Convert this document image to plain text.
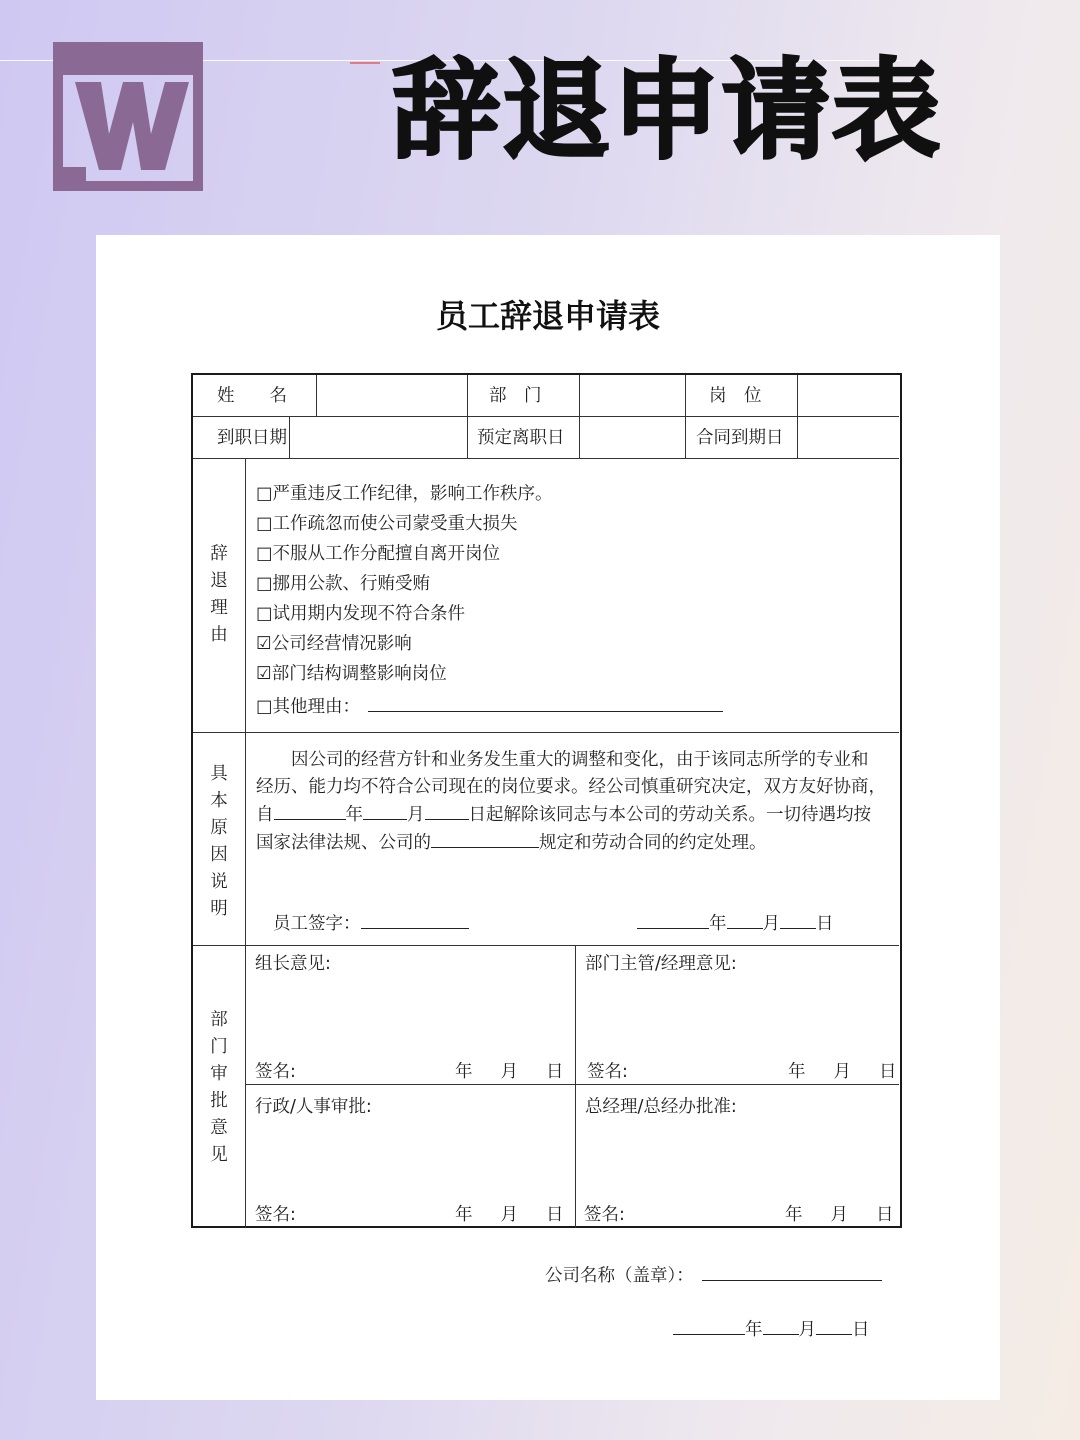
辞退申请表
员工辞退申请表
姓　　名	部　门	岗　位
到职日期	预定离职日	合同到期日
辞
退
理
由
□严重违反工作纪律，影响工作秩序。
□工作疏忽而使公司蒙受重大损失
□不服从工作分配擅自离开岗位
□挪用公款、行贿受贿
□试用期内发现不符合条件
☑公司经营情况影响
☑部门结构调整影响岗位
□其他理由：
具
本
原
因
说
明
　　因公司的经营方针和业务发生重大的调整和变化，由于该同志所学的专业和
经历、能力均不符合公司现在的岗位要求。经公司慎重研究决定，双方友好协商，
自	年	月	日起解除该同志与本公司的劳动关系。一切待遇均按
国家法律法规、公司的	规定和劳动合同的约定处理。
员工签字：	年 月 日
部
门
审
批
意
见
组长意见:	部门主管/经理意见:
签名:	年 月 日 签名:	年 月 日
行政/人事审批:	总经理/总经办批准:
签名:	年 月 日 签名:	年 月 日
公司名称（盖章）：
年 月 日
